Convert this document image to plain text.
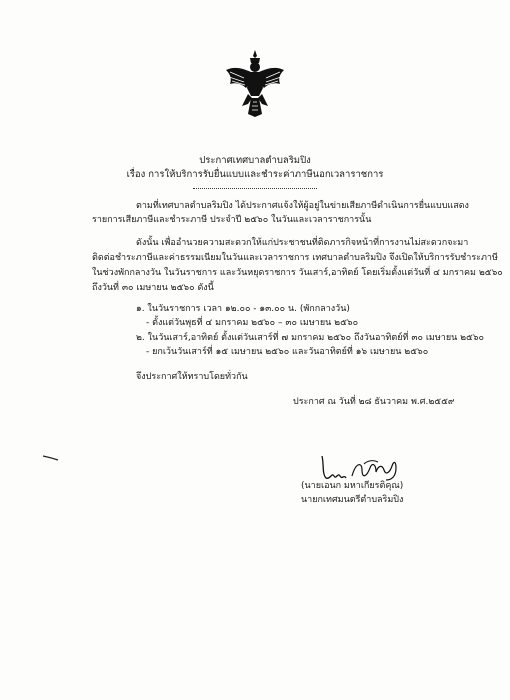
ประกาศเทศบาลตำบลริมปิง
เรื่อง การให้บริการรับยื่นแบบและชำระค่าภาษีนอกเวลาราชการ
ตามที่เทศบาลตำบลริมปิง ได้ประกาศแจ้งให้ผู้อยู่ในข่ายเสียภาษีดำเนินการยื่นแบบแสดง
รายการเสียภาษีและชำระภาษี ประจำปี ๒๕๖๐ ในวันและเวลาราชการนั้น
ดังนั้น เพื่ออำนวยความสะดวกให้แก่ประชาชนที่ติดภารกิจหน้าที่การงานไม่สะดวกจะมา
ติดต่อชำระภาษีและค่าธรรมเนียมในวันและเวลาราชการ เทศบาลตำบลริมปิง จึงเปิดให้บริการรับชำระภาษี
ในช่วงพักกลางวัน ในวันราชการ และวันหยุดราชการ วันเสาร์,อาทิตย์ โดยเริ่มตั้งแต่วันที่ ๔ มกราคม ๒๕๖๐
ถึงวันที่ ๓๐ เมษายน ๒๕๖๐ ดังนี้
๑. ในวันราชการ เวลา ๑๒.๐๐ - ๑๓.๐๐ น. (พักกลางวัน)
- ตั้งแต่วันพุธที่ ๔ มกราคม ๒๕๖๐ – ๓๐ เมษายน ๒๕๖๐
๒. ในวันเสาร์,อาทิตย์ ตั้งแต่วันเสาร์ที่ ๗ มกราคม ๒๕๖๐ ถึงวันอาทิตย์ที่ ๓๐ เมษายน ๒๕๖๐
- ยกเว้นวันเสาร์ที่ ๑๕ เมษายน ๒๕๖๐ และวันอาทิตย์ที่ ๑๖ เมษายน ๒๕๖๐
จึงประกาศให้ทราบโดยทั่วกัน
ประกาศ ณ วันที่ ๒๘ ธันวาคม พ.ศ.๒๕๕๙
(นายเอนก มหาเกียรติคุณ)
นายกเทศมนตรีตำบลริมปิง
